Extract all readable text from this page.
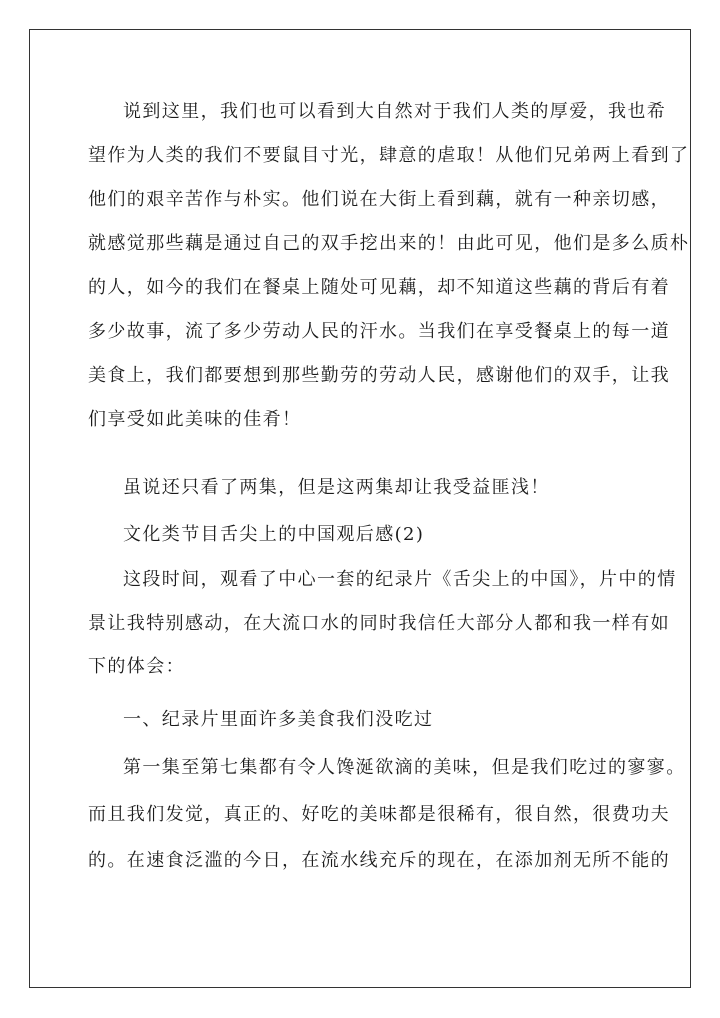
说到这里，我们也可以看到大自然对于我们人类的厚爱，我也希
望作为人类的我们不要鼠目寸光，肆意的虐取！从他们兄弟两上看到了
他们的艰辛苦作与朴实。他们说在大街上看到藕，就有一种亲切感，
就感觉那些藕是通过自己的双手挖出来的！由此可见，他们是多么质朴
的人，如今的我们在餐桌上随处可见藕，却不知道这些藕的背后有着
多少故事，流了多少劳动人民的汗水。当我们在享受餐桌上的每一道
美食上，我们都要想到那些勤劳的劳动人民，感谢他们的双手，让我
们享受如此美味的佳肴！
虽说还只看了两集，但是这两集却让我受益匪浅！
文化类节目舌尖上的中国观后感(2)
这段时间，观看了中心一套的纪录片《舌尖上的中国》，片中的情
景让我特别感动，在大流口水的同时我信任大部分人都和我一样有如
下的体会：
一、纪录片里面许多美食我们没吃过
第一集至第七集都有令人馋涎欲滴的美味，但是我们吃过的寥寥。
而且我们发觉，真正的、好吃的美味都是很稀有，很自然，很费功夫
的。在速食泛滥的今日，在流水线充斥的现在，在添加剂无所不能的
